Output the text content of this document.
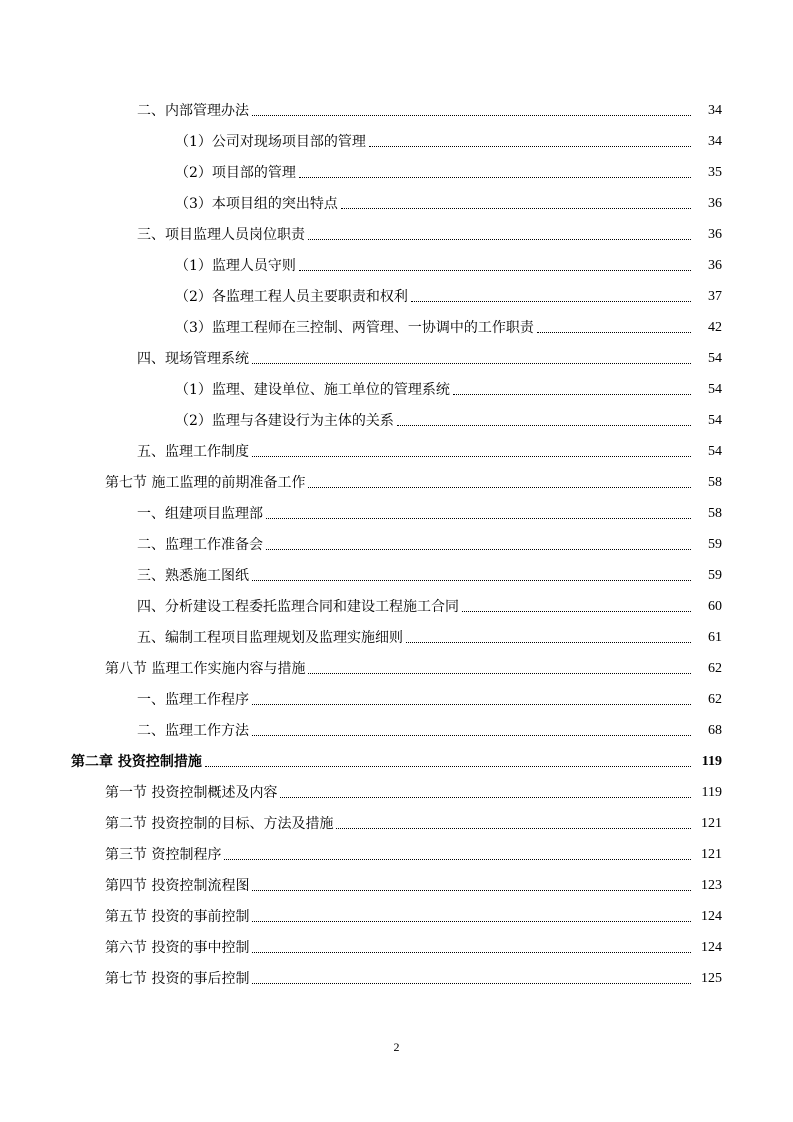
二、内部管理办法	34
（1）公司对现场项目部的管理	34
（2）项目部的管理	35
（3）本项目组的突出特点	36
三、项目监理人员岗位职责	36
（1）监理人员守则	36
（2）各监理工程人员主要职责和权利	37
（3）监理工程师在三控制、两管理、一协调中的工作职责	42
四、现场管理系统	54
（1）监理、建设单位、施工单位的管理系统	54
（2）监理与各建设行为主体的关系	54
五、监理工作制度	54
第七节 施工监理的前期准备工作	58
一、组建项目监理部	58
二、监理工作准备会	59
三、熟悉施工图纸	59
四、分析建设工程委托监理合同和建设工程施工合同	60
五、编制工程项目监理规划及监理实施细则	61
第八节 监理工作实施内容与措施	62
一、监理工作程序	62
二、监理工作方法	68
第二章 投资控制措施	119
第一节 投资控制概述及内容	119
第二节 投资控制的目标、方法及措施	121
第三节 资控制程序	121
第四节 投资控制流程图	123
第五节 投资的事前控制	124
第六节 投资的事中控制	124
第七节 投资的事后控制	125
2
